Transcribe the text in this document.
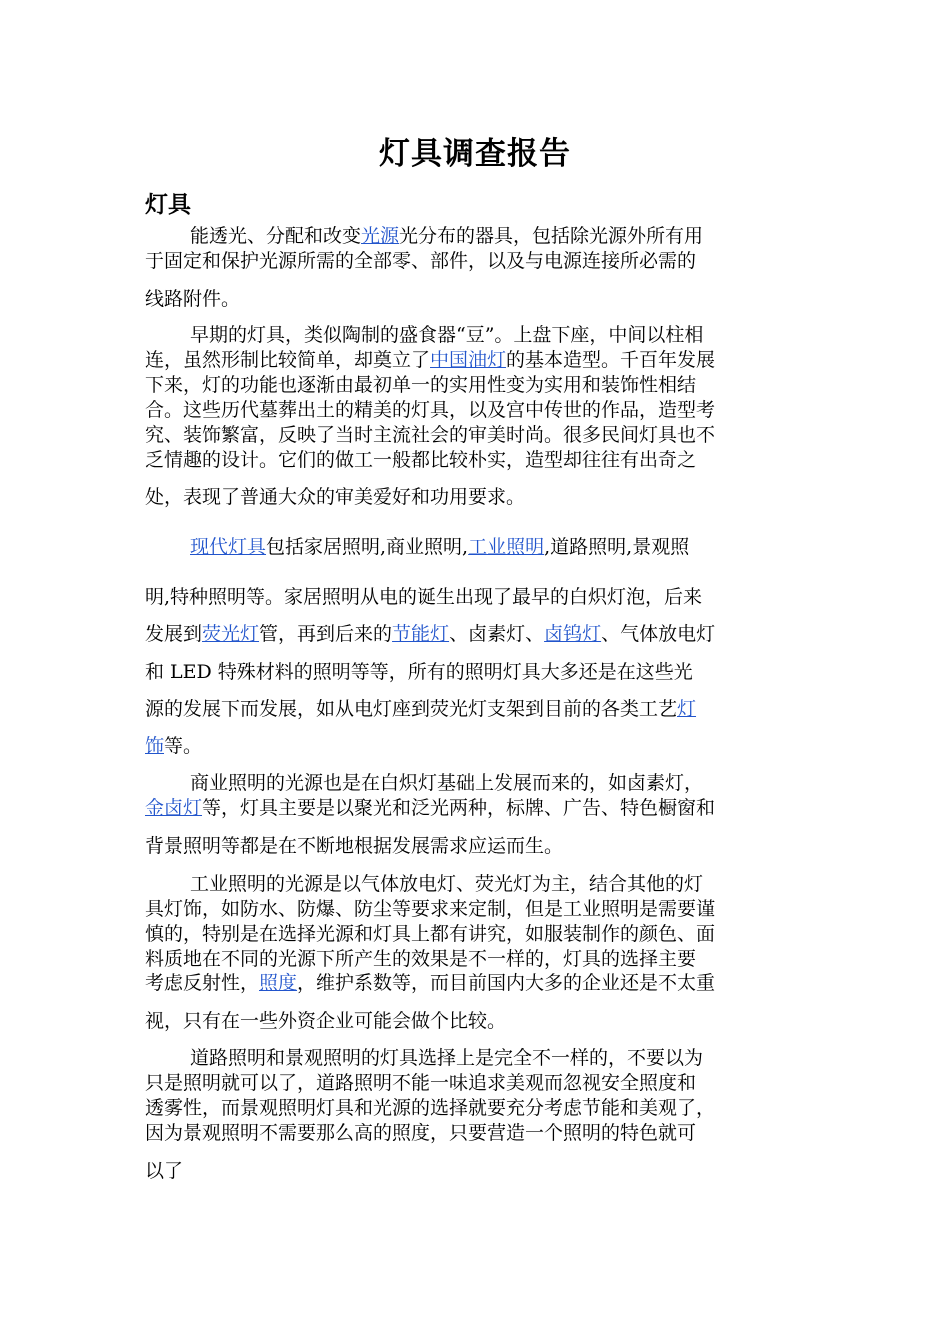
灯具调查报告
灯具
能透光、分配和改变光源光分布的器具，包括除光源外所有用
于固定和保护光源所需的全部零、部件，以及与电源连接所必需的
线路附件。
早期的灯具，类似陶制的盛食器“豆”。上盘下座，中间以柱相
连，虽然形制比较简单，却奠立了中国油灯的基本造型。千百年发展
下来，灯的功能也逐渐由最初单一的实用性变为实用和装饰性相结
合。这些历代墓葬出土的精美的灯具，以及宫中传世的作品，造型考
究、装饰繁富，反映了当时主流社会的审美时尚。很多民间灯具也不
乏情趣的设计。它们的做工一般都比较朴实，造型却往往有出奇之
处，表现了普通大众的审美爱好和功用要求。
现代灯具包括家居照明,商业照明,工业照明,道路照明,景观照
明,特种照明等。家居照明从电的诞生出现了最早的白炽灯泡，后来
发展到荧光灯管，再到后来的节能灯、卤素灯、卤钨灯、气体放电灯
和 LED 特殊材料的照明等等，所有的照明灯具大多还是在这些光
源的发展下而发展，如从电灯座到荧光灯支架到目前的各类工艺灯
饰等。
商业照明的光源也是在白炽灯基础上发展而来的，如卤素灯，
金卤灯等，灯具主要是以聚光和泛光两种，标牌、广告、特色橱窗和
背景照明等都是在不断地根据发展需求应运而生。
工业照明的光源是以气体放电灯、荧光灯为主，结合其他的灯
具灯饰，如防水、防爆、防尘等要求来定制，但是工业照明是需要谨
慎的，特别是在选择光源和灯具上都有讲究，如服装制作的颜色、面
料质地在不同的光源下所产生的效果是不一样的，灯具的选择主要
考虑反射性，照度，维护系数等，而目前国内大多的企业还是不太重
视，只有在一些外资企业可能会做个比较。
道路照明和景观照明的灯具选择上是完全不一样的，不要以为
只是照明就可以了，道路照明不能一味追求美观而忽视安全照度和
透雾性，而景观照明灯具和光源的选择就要充分考虑节能和美观了，
因为景观照明不需要那么高的照度，只要营造一个照明的特色就可
以了
